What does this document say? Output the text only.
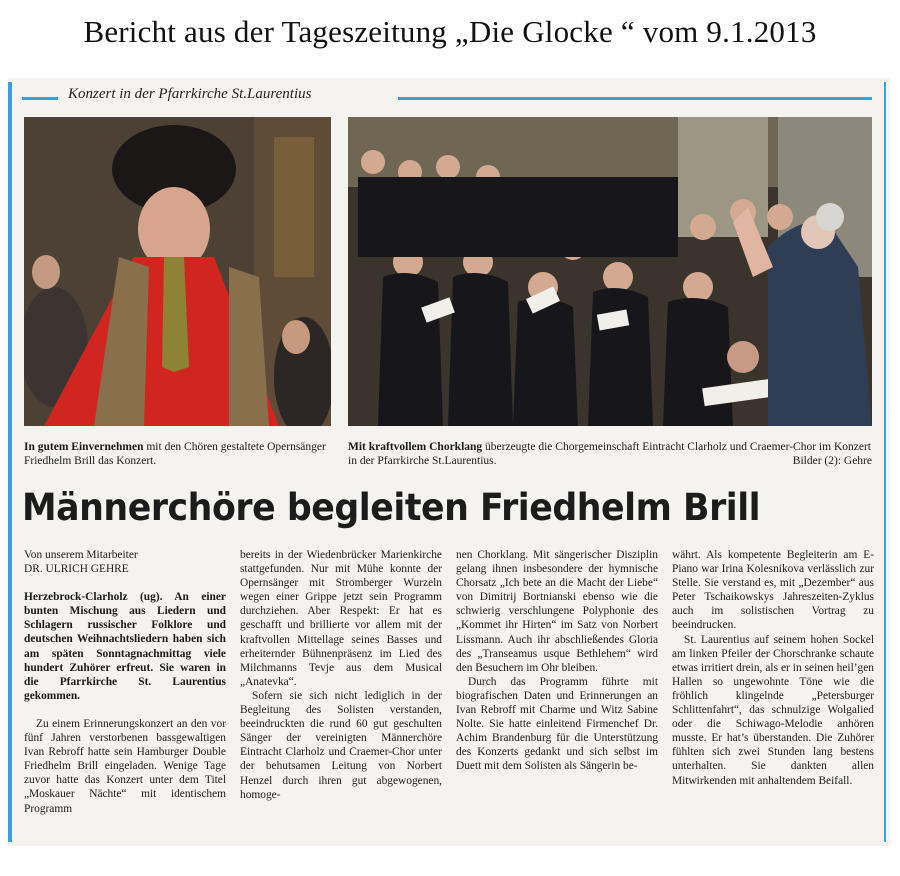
Bericht aus der Tageszeitung „Die Glocke “ vom 9.1.2013
Konzert in der Pfarrkirche St.Laurentius
In gutem Einvernehmen mit den Chören gestaltete Opernsänger Friedhelm Brill das Konzert.
Mit kraftvollem Chorklang überzeugte die Chorgemeinschaft Eintracht Clarholz und Craemer-Chor im Konzert in der Pfarrkirche St.Laurentius.	Bilder (2): Gehre
Männerchöre begleiten Friedhelm Brill

Von unserem Mitarbeiter

DR. ULRICH GEHRE

Herzebrock-Clarholz (ug). An einer bunten Mischung aus Liedern und Schlagern russischer Folklore und deutschen Weihnachtsliedern haben sich am späten Sonntagnachmittag viele hundert Zuhörer erfreut. Sie waren in die Pfarrkirche St. Laurentius gekommen.

Zu einem Erinnerungskonzert an den vor fünf Jahren verstorbenen bassgewaltigen Ivan Rebroff hatte sein Hamburger Double Friedhelm Brill eingeladen. Wenige Tage zuvor hatte das Konzert unter dem Titel „Moskauer Nächte“ mit identischem Programm

bereits in der Wiedenbrücker Marienkirche stattgefunden. Nur mit Mühe konnte der Opernsänger mit Stromberger Wurzeln wegen einer Grippe jetzt sein Programm durchziehen. Aber Respekt: Er hat es geschafft und brillierte vor allem mit der kraftvollen Mittellage seines Basses und erheiternder Bühnenpräsenz im Lied des Milchmanns Tevje aus dem Musical „Anatevka“.

Sofern sie sich nicht lediglich in der Begleitung des Solisten verstanden, beeindruckten die rund 60 gut geschulten Sänger der vereinigten Männerchöre Eintracht Clarholz und Craemer-Chor unter der behutsamen Leitung von Norbert Henzel durch ihren gut abgewogenen, homoge-

nen Chorklang. Mit sängerischer Disziplin gelang ihnen insbesondere der hymnische Chorsatz „Ich bete an die Macht der Liebe“ von Dimitrij Bortnianski ebenso wie die schwierig verschlungene Polyphonie des „Kommet ihr Hirten“ im Satz von Norbert Lissmann. Auch ihr abschließendes Gloria des „Transeamus usque Bethlehem“ wird den Besuchern im Ohr bleiben.

Durch das Programm führte mit biografischen Daten und Erinnerungen an Ivan Rebroff mit Charme und Witz Sabine Nolte. Sie hatte einleitend Firmenchef Dr. Achim Brandenburg für die Unterstützung des Konzerts gedankt und sich selbst im Duett mit dem Solisten als Sängerin be-

währt. Als kompetente Begleiterin am E-Piano war Irina Kolesnikova verlässlich zur Stelle. Sie verstand es, mit „Dezember“ aus Peter Tschaikowskys Jahreszeiten-Zyklus auch im solistischen Vortrag zu beeindrucken.

St. Laurentius auf seinem hohen Sockel am linken Pfeiler der Chorschranke schaute etwas irritiert drein, als er in seinen heil’gen Hallen so ungewohnte Töne wie die fröhlich klingelnde „Petersburger Schlittenfahrt“, das schnulzige Wolgalied oder die Schiwago-Melodie anhören musste. Er hat’s überstanden. Die Zuhörer fühlten sich zwei Stunden lang bestens unterhalten. Sie dankten allen Mitwirkenden mit anhaltendem Beifall.
